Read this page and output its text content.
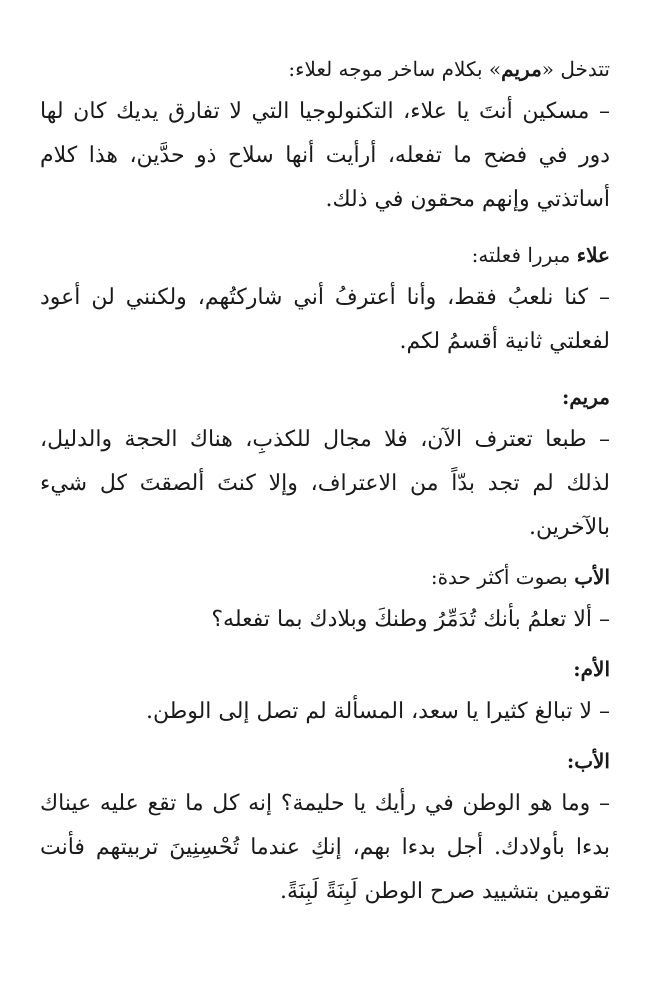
تتدخل «مريم» بكلام ساخر موجه لعلاء:

– مسكين أنتَ يا علاء، التكنولوجيا التي لا تفارق يديك كان لها دور في فضح ما تفعله، أرأيت أنها سلاح ذو حدَّين، هذا كلام أساتذتي وإنهم محقون في ذلك.

علاء مبررا فعلته:

– كنا نلعبُ فقط، وأنا أعترفُ أني شاركتُهم، ولكنني لن أعود لفعلتي ثانية أقسمُ لكم.

مريم:

– طبعا تعترف الآن، فلا مجال للكذبِ، هناك الحجة والدليل، لذلك لم تجد بدّاً من الاعتراف، وإلا كنتَ ألصقتَ كل شيء بالآخرين.

الأب بصوت أكثر حدة:

– ألا تعلمُ بأنك تُدَمِّرُ وطنكَ وبلادك بما تفعله؟

الأم:

– لا تبالغ كثيرا يا سعد، المسألة لم تصل إلى الوطن.

الأب:

– وما هو الوطن في رأيك يا حليمة؟ إنه كل ما تقع عليه عيناك بدءا بأولادك. أجل بدءا بهم، إنكِ عندما تُحْسِنِينَ تربيتهم فأنت تقومين بتشييد صرح الوطن لَبِنَةً لَبِنَةً.
